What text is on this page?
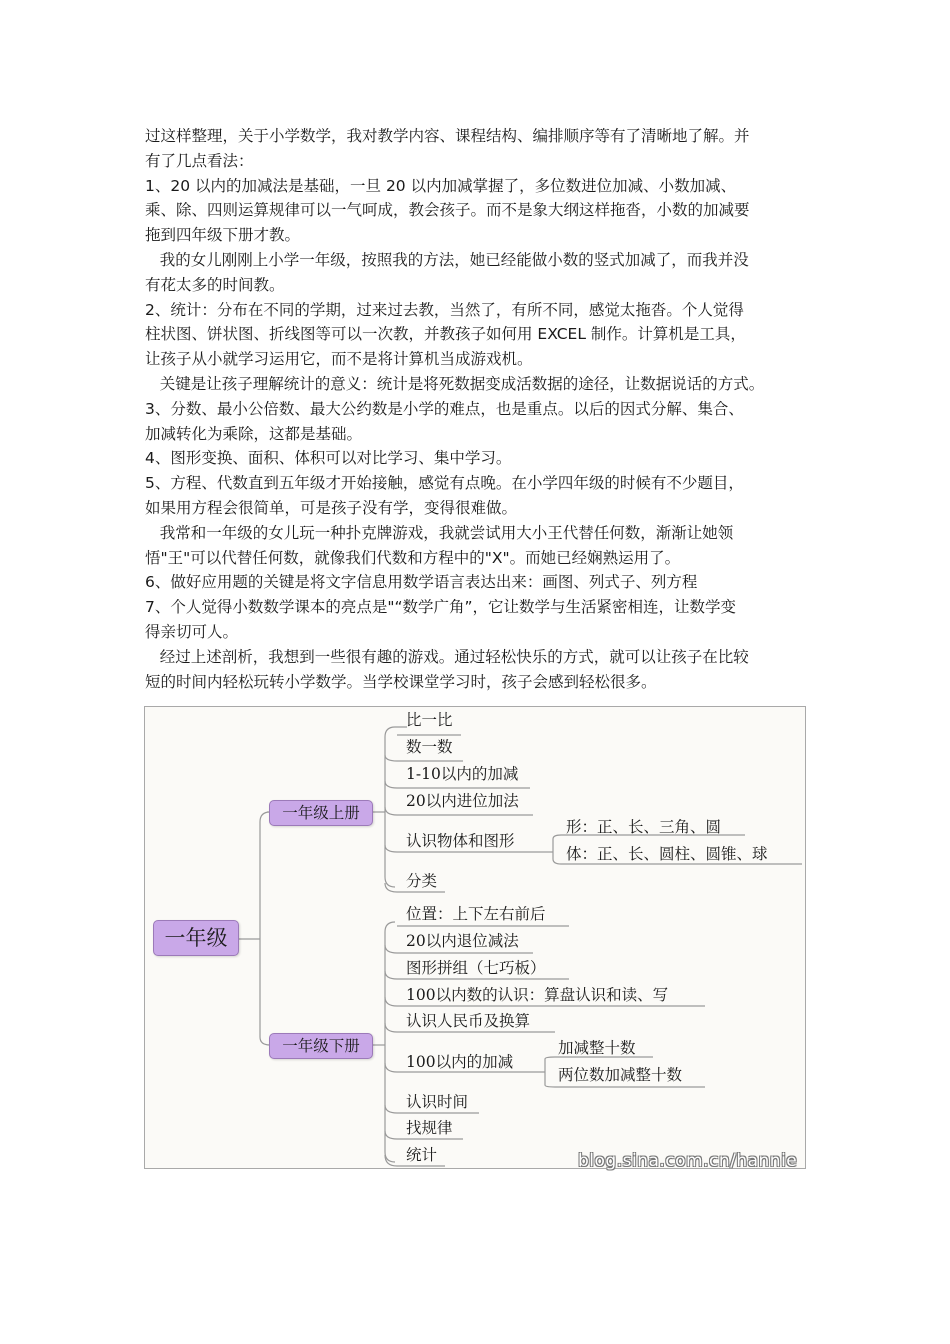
过这样整理，关于小学数学，我对教学内容、课程结构、编排顺序等有了清晰地了解。并

有了几点看法：

1、20 以内的加减法是基础，一旦 20 以内加减掌握了，多位数进位加减、小数加减、

乘、除、四则运算规律可以一气呵成，教会孩子。而不是象大纲这样拖沓，小数的加减要

拖到四年级下册才教。

我的女儿刚刚上小学一年级，按照我的方法，她已经能做小数的竖式加减了，而我并没

有花太多的时间教。

2、统计：分布在不同的学期，过来过去教，当然了，有所不同，感觉太拖沓。个人觉得

柱状图、饼状图、折线图等可以一次教，并教孩子如何用 EXCEL 制作。计算机是工具，

让孩子从小就学习运用它，而不是将计算机当成游戏机。

关键是让孩子理解统计的意义：统计是将死数据变成活数据的途径，让数据说话的方式。

3、分数、最小公倍数、最大公约数是小学的难点，也是重点。以后的因式分解、集合、

加减转化为乘除，这都是基础。

4、图形变换、面积、体积可以对比学习、集中学习。

5、方程、代数直到五年级才开始接触，感觉有点晚。在小学四年级的时候有不少题目，

如果用方程会很简单，可是孩子没有学，变得很难做。

我常和一年级的女儿玩一种扑克牌游戏，我就尝试用大小王代替任何数，渐渐让她领

悟"王"可以代替任何数，就像我们代数和方程中的"X"。而她已经娴熟运用了。

6、做好应用题的关键是将文字信息用数学语言表达出来：画图、列式子、列方程

7、个人觉得小数数学课本的亮点是"“数学广角”，它让数学与生活紧密相连，让数学变

得亲切可人。

经过上述剖析，我想到一些很有趣的游戏。通过轻松快乐的方式，就可以让孩子在比较

短的时间内轻松玩转小学数学。当学校课堂学习时，孩子会感到轻松很多。

一年级
一年级上册
一年级下册
比一比
数一数
1-10以内的加减
20以内进位加法
认识物体和图形
分类
形：正、长、三角、圆
体：正、长、圆柱、圆锥、球
位置：上下左右前后
20以内退位减法
图形拼组（七巧板）
100以内数的认识：算盘认识和读、写
认识人民币及换算
100以内的加减
认识时间
找规律
统计
加减整十数
两位数加减整十数
blog.sina.com.cn/hannie
